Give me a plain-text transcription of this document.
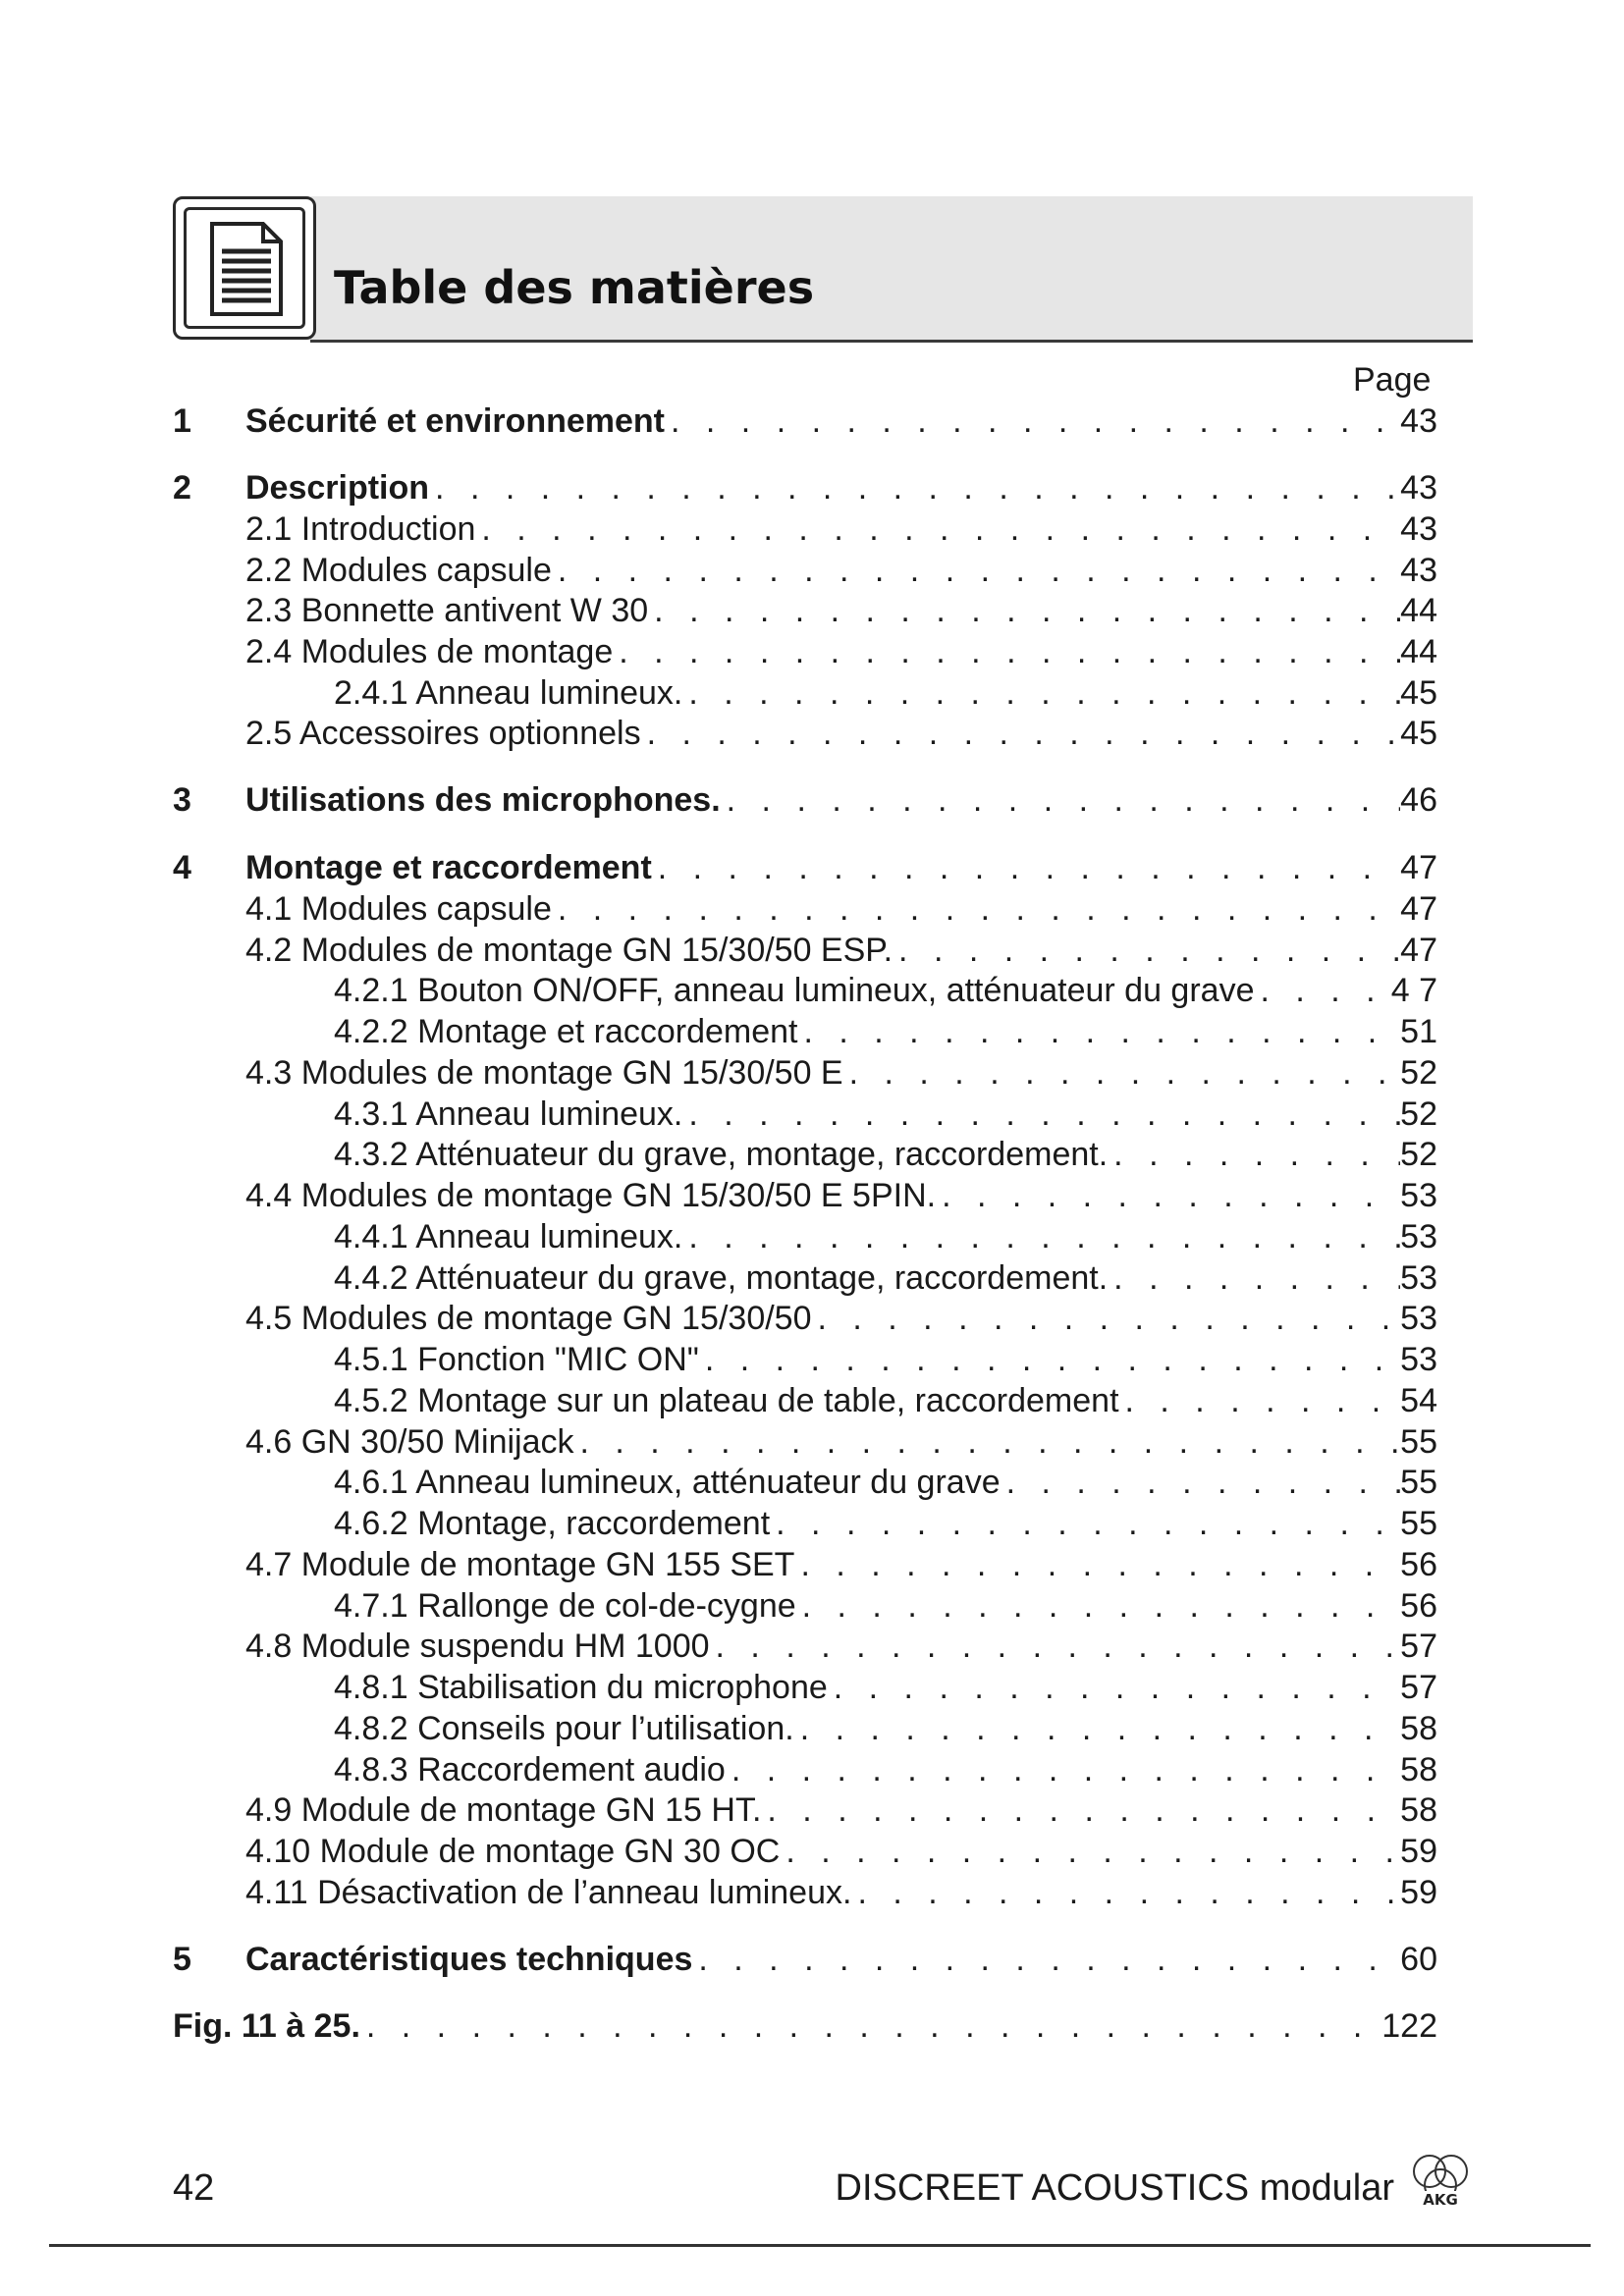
Table des matières
Page
1 Sécurité et environnement . . .	43
2 Description . . .	43
2.1 Introduction . . .	43
2.2 Modules capsule . . .	43
2.3 Bonnette antivent W 30 . . .	44
2.4 Modules de montage . . .	44
2.4.1 Anneau lumineux. . . .	45
2.5 Accessoires optionnels . . .	45
3 Utilisations des microphones. . . .	46
4 Montage et raccordement . . .	47
4.1 Modules capsule . . .	47
4.2 Modules de montage GN 15/30/50 ESP. . . .	47
4.2.1 Bouton ON/OFF, anneau lumineux, atténuateur du grave . . .	4 7
4.2.2 Montage et raccordement . . .	51
4.3 Modules de montage GN 15/30/50 E . . .	52
4.3.1 Anneau lumineux. . . .	52
4.3.2 Atténuateur du grave, montage, raccordement. . . .	52
4.4 Modules de montage GN 15/30/50 E 5PIN. . . .	53
4.4.1 Anneau lumineux. . . .	53
4.4.2 Atténuateur du grave, montage, raccordement. . . .	53
4.5 Modules de montage GN 15/30/50 . . .	53
4.5.1 Fonction "MIC ON" . . .	53
4.5.2 Montage sur un plateau de table, raccordement . . .	54
4.6 GN 30/50 Minijack . . .	55
4.6.1 Anneau lumineux, atténuateur du grave . . .	55
4.6.2 Montage, raccordement . . .	55
4.7 Module de montage GN 155 SET . . .	56
4.7.1 Rallonge de col-de-cygne . . .	56
4.8 Module suspendu HM 1000 . . .	57
4.8.1 Stabilisation du microphone . . .	57
4.8.2 Conseils pour l’utilisation. . . .	58
4.8.3 Raccordement audio . . .	58
4.9 Module de montage GN 15 HT. . . .	58
4.10 Module de montage GN 30 OC . . .	59
4.11 Désactivation de l’anneau lumineux. . . .	59
5 Caractéristiques techniques . . .	60
Fig. 11 à 25. . . .	122
42	DISCREET ACOUSTICS modular AKG
